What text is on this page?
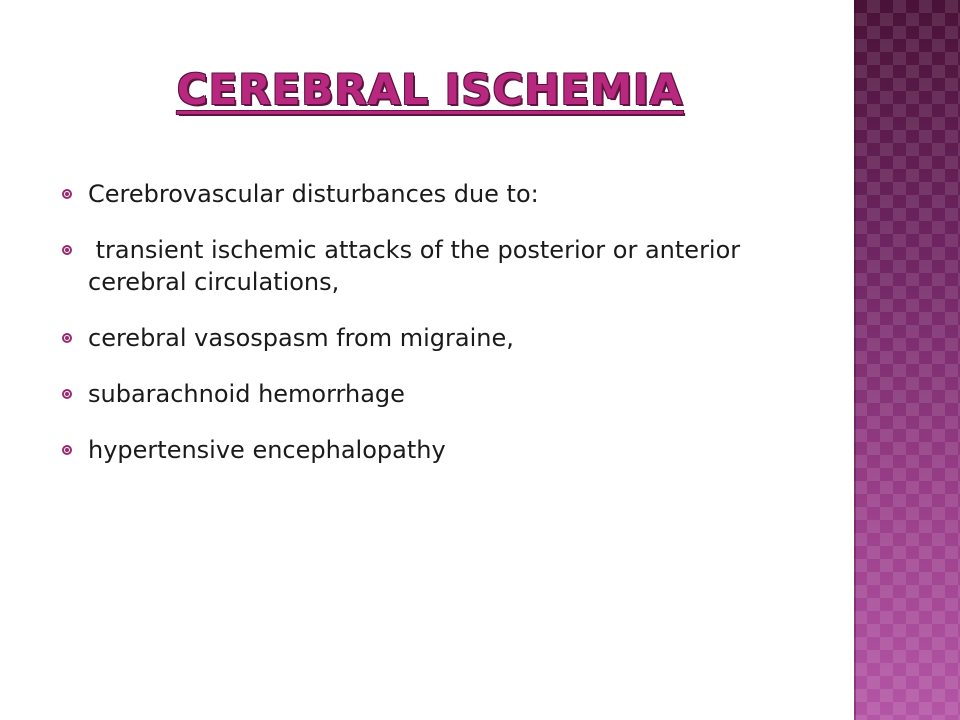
CEREBRAL ISCHEMIA
Cerebrovascular disturbances due to:
transient ischemic attacks of the posterior or anterior cerebral circulations,
cerebral vasospasm from migraine,
subarachnoid hemorrhage
hypertensive encephalopathy
